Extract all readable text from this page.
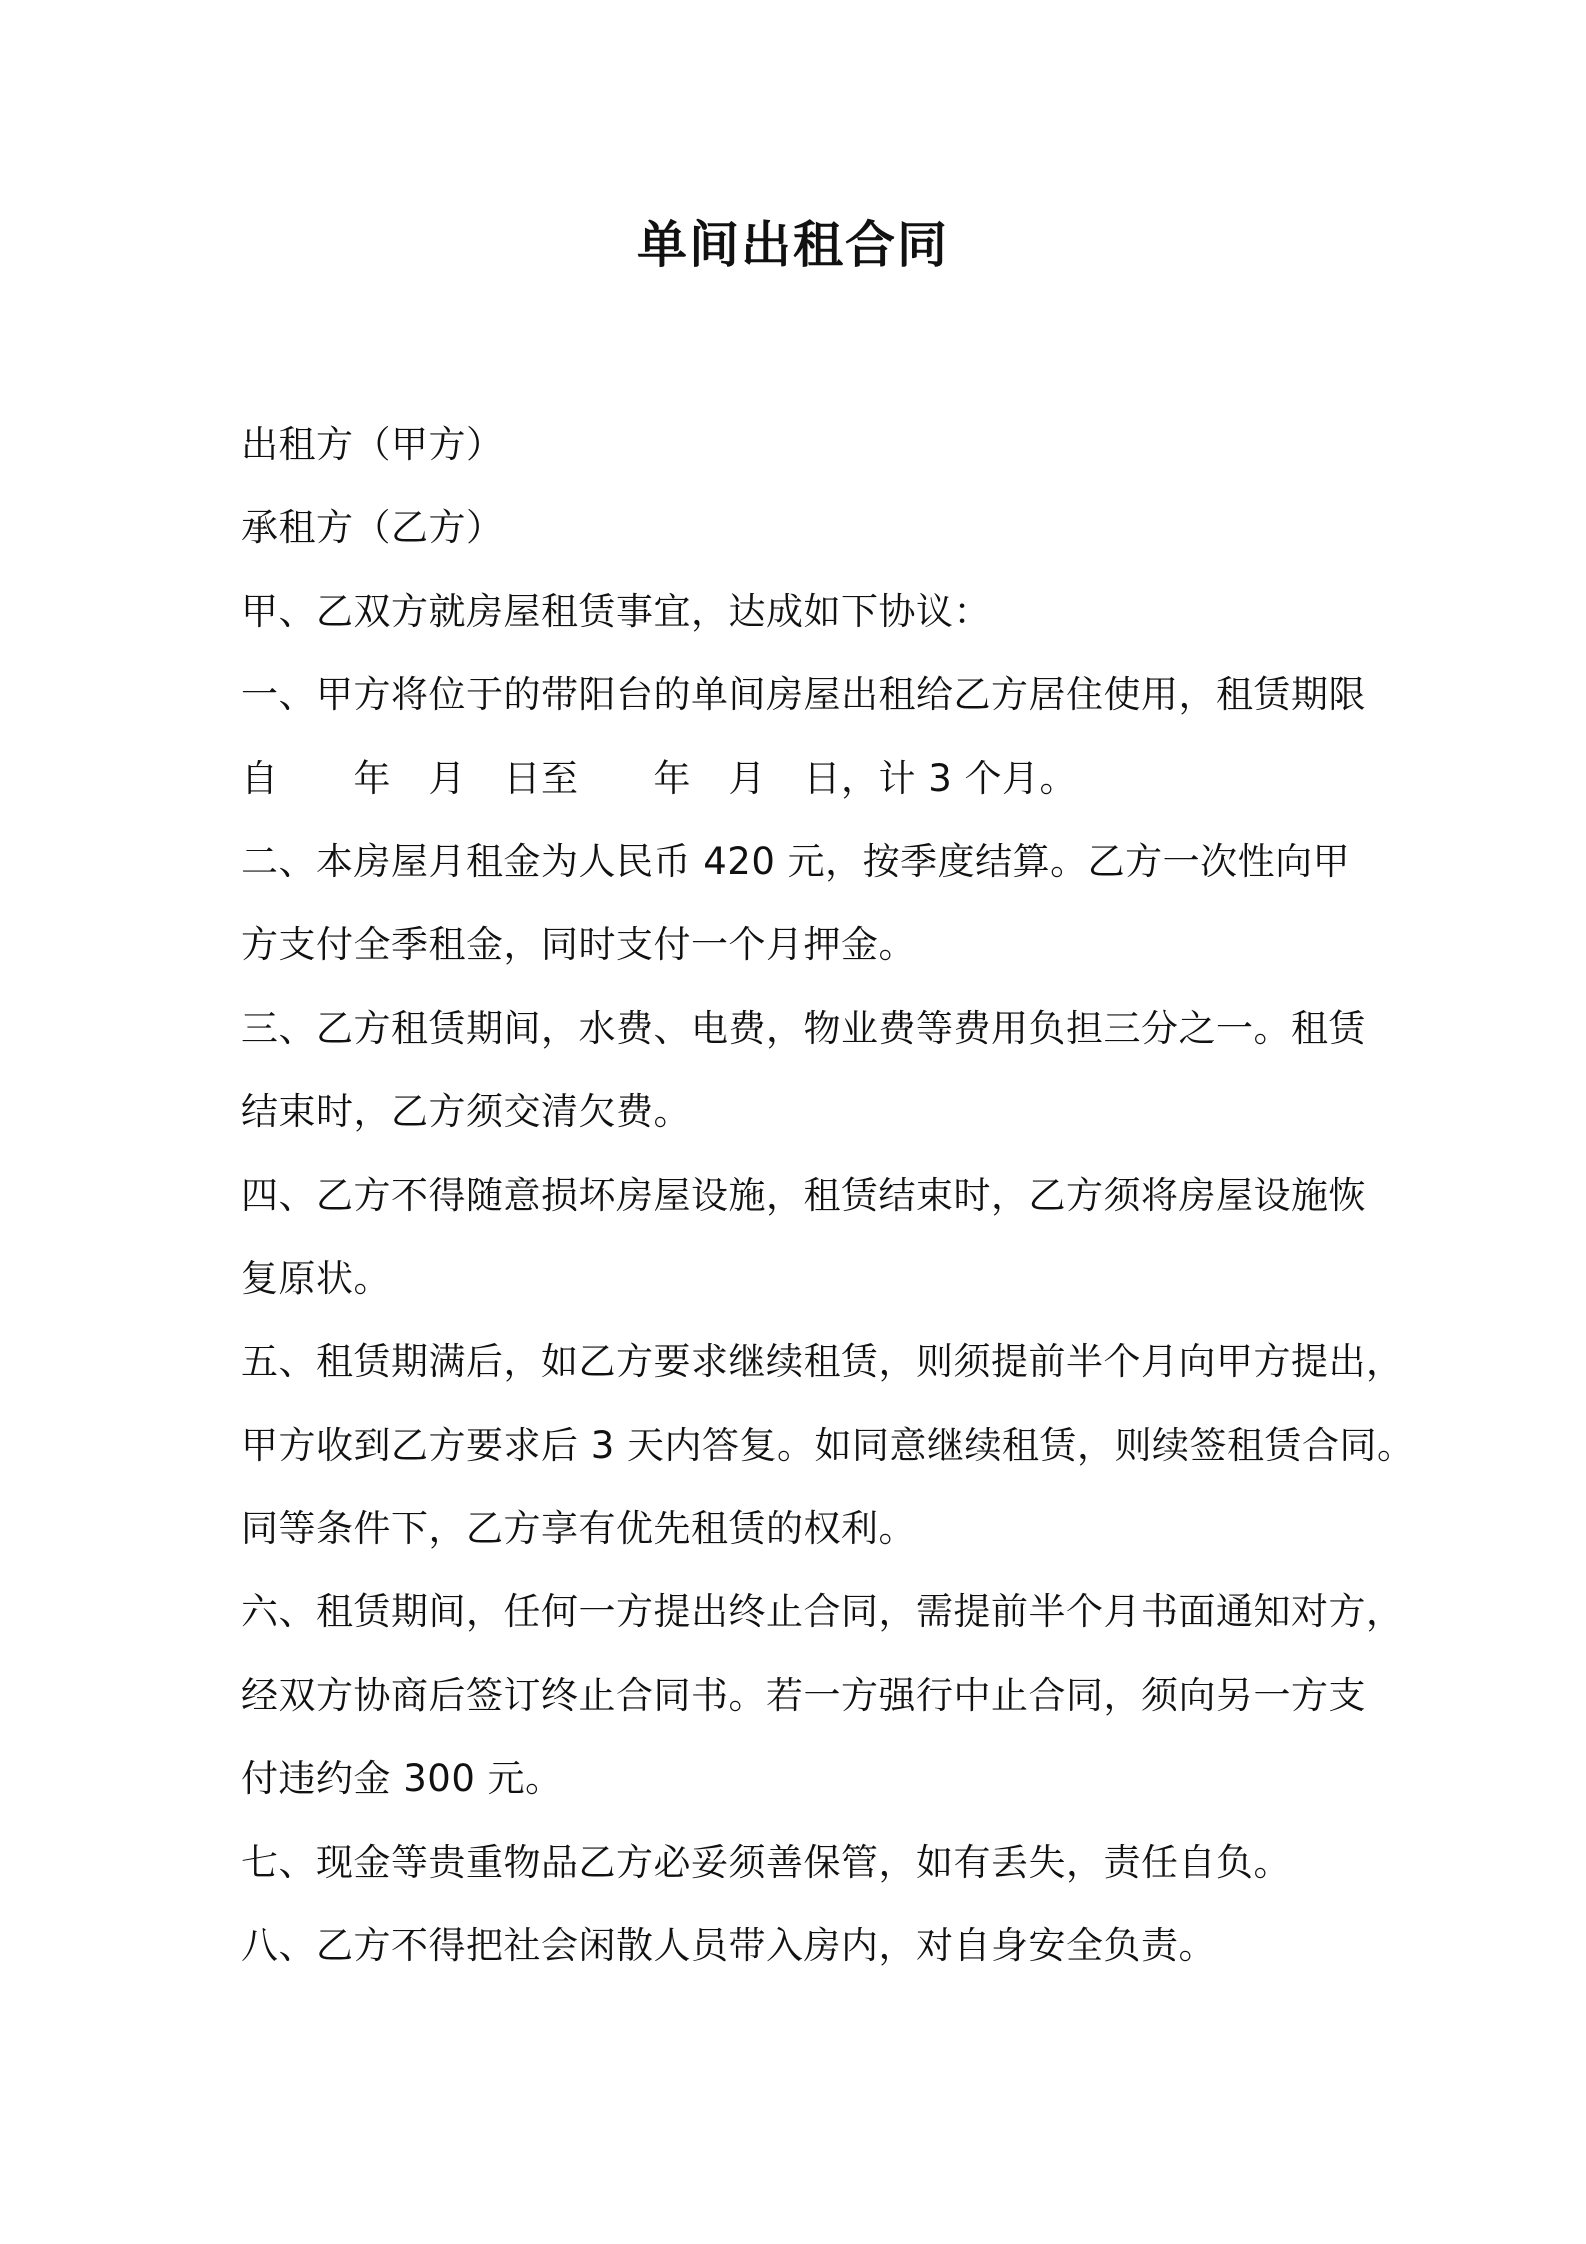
单间出租合同
出租方（甲方）
承租方（乙方）
甲、乙双方就房屋租赁事宜，达成如下协议：
一、甲方将位于的带阳台的单间房屋出租给乙方居住使用，租赁期限
自　　年　月　日至　　年　月　日，计 3 个月。
二、本房屋月租金为人民币 420 元，按季度结算。乙方一次性向甲
方支付全季租金，同时支付一个月押金。
三、乙方租赁期间，水费、电费，物业费等费用负担三分之一。租赁
结束时，乙方须交清欠费。
四、乙方不得随意损坏房屋设施，租赁结束时，乙方须将房屋设施恢
复原状。
五、租赁期满后，如乙方要求继续租赁，则须提前半个月向甲方提出，
甲方收到乙方要求后 3 天内答复。如同意继续租赁，则续签租赁合同。
同等条件下，乙方享有优先租赁的权利。
六、租赁期间，任何一方提出终止合同，需提前半个月书面通知对方，
经双方协商后签订终止合同书。若一方强行中止合同，须向另一方支
付违约金 300 元。
七、现金等贵重物品乙方必妥须善保管，如有丢失，责任自负。
八、乙方不得把社会闲散人员带入房内，对自身安全负责。
